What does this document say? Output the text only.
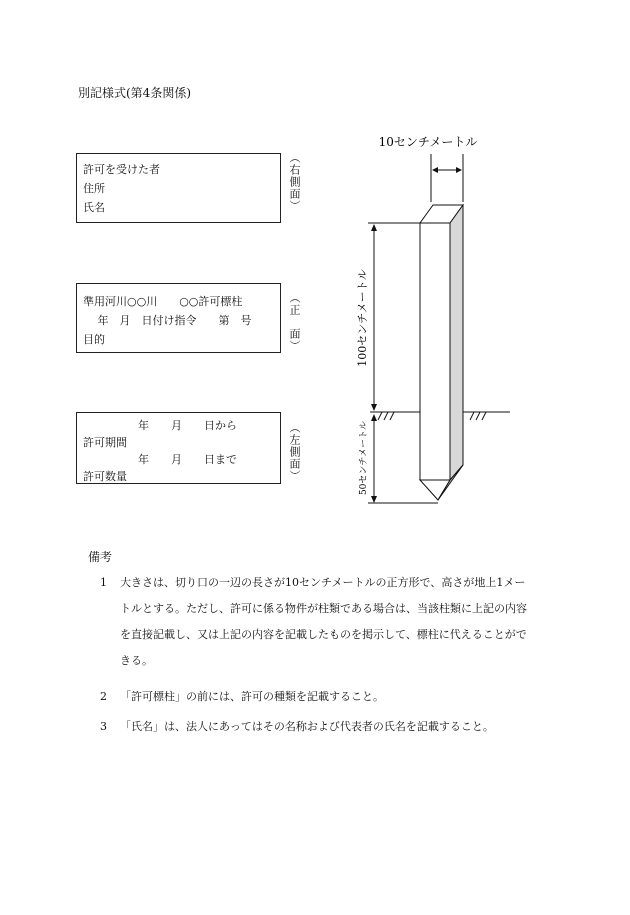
別記様式(第4条関係)
許可を受けた者
住所
氏名	（右側面）
準用河川○○川　　○○許可標柱
　 年　月　日付け指令　　第　号
目的	（正　面）
　　　　　年　　月　　日から
許可期間
　　　　　年　　月　　日まで
許可数量	（左側面）
10センチメートル
100センチメートル
50センチメートル
備考
1 大きさは、切り口の一辺の長さが10センチメートルの正方形で、高さが地上1メー
トルとする。ただし、許可に係る物件が柱類である場合は、当該柱類に上記の内容
を直接記載し、又は上記の内容を記載したものを掲示して、標柱に代えることがで
きる。
2 「許可標柱」の前には、許可の種類を記載すること。
3 「氏名」は、法人にあってはその名称および代表者の氏名を記載すること。
